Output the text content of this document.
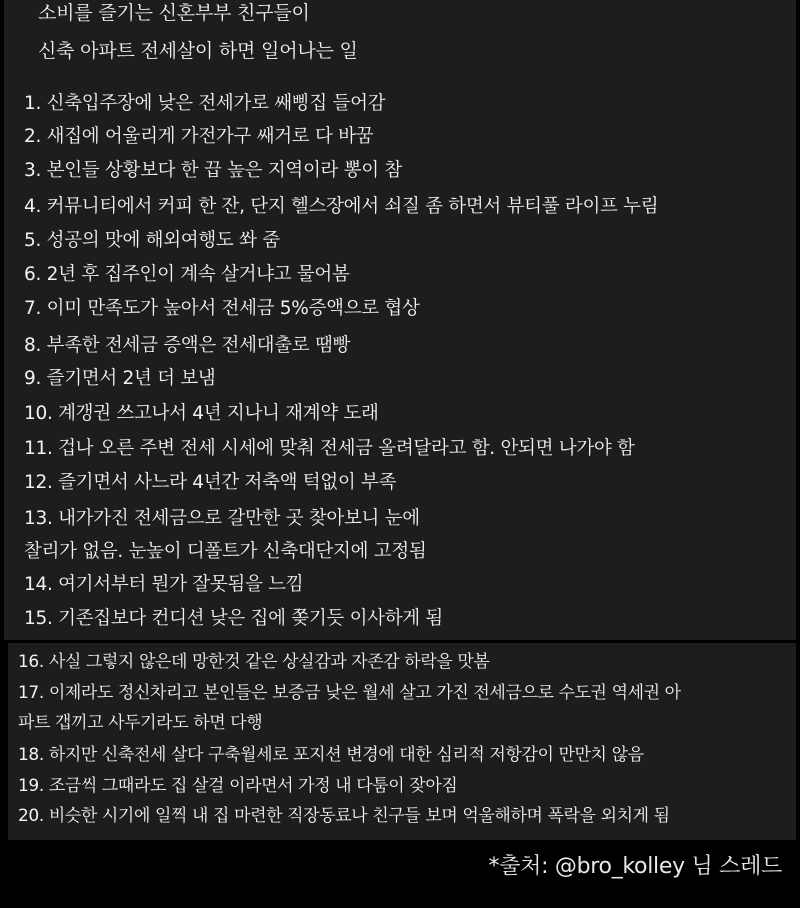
소비를 즐기는 신혼부부 친구들이
신축 아파트 전세살이 하면 일어나는 일
1. 신축입주장에 낮은 전세가로 쌔삥집 들어감
2. 새집에 어울리게 가전가구 쌔거로 다 바꿈
3. 본인들 상황보다 한 끕 높은 지역이라 뽕이 참
4. 커뮤니티에서 커피 한 잔, 단지 헬스장에서 쇠질 좀 하면서 뷰티풀 라이프 누림
5. 성공의 맛에 해외여행도 쏴 줌
6. 2년 후 집주인이 계속 살거냐고 물어봄
7. 이미 만족도가 높아서 전세금 5%증액으로 협상
8. 부족한 전세금 증액은 전세대출로 땜빵
9. 즐기면서 2년 더 보냄
10. 계갱권 쓰고나서 4년 지나니 재계약 도래
11. 겁나 오른 주변 전세 시세에 맞춰 전세금 올려달라고 함. 안되면 나가야 함
12. 즐기면서 사느라 4년간 저축액 턱없이 부족
13. 내가가진 전세금으로 갈만한 곳 찾아보니 눈에
찰리가 없음. 눈높이 디폴트가 신축대단지에 고정됨
14. 여기서부터 뭔가 잘못됨을 느낌
15. 기존집보다 컨디션 낮은 집에 쫒기듯 이사하게 됨
16. 사실 그렇지 않은데 망한것 같은 상실감과 자존감 하락을 맛봄
17. 이제라도 정신차리고 본인들은 보증금 낮은 월세 살고 가진 전세금으로 수도권 역세권 아
파트 갭끼고 사두기라도 하면 다행
18. 하지만 신축전세 살다 구축월세로 포지션 변경에 대한 심리적 저항감이 만만치 않음
19. 조금씩 그때라도 집 살걸 이라면서 가정 내 다툼이 잦아짐
20. 비슷한 시기에 일찍 내 집 마련한 직장동료나 친구들 보며 억울해하며 폭락을 외치게 됨
*출처: @bro_kolley 님 스레드
